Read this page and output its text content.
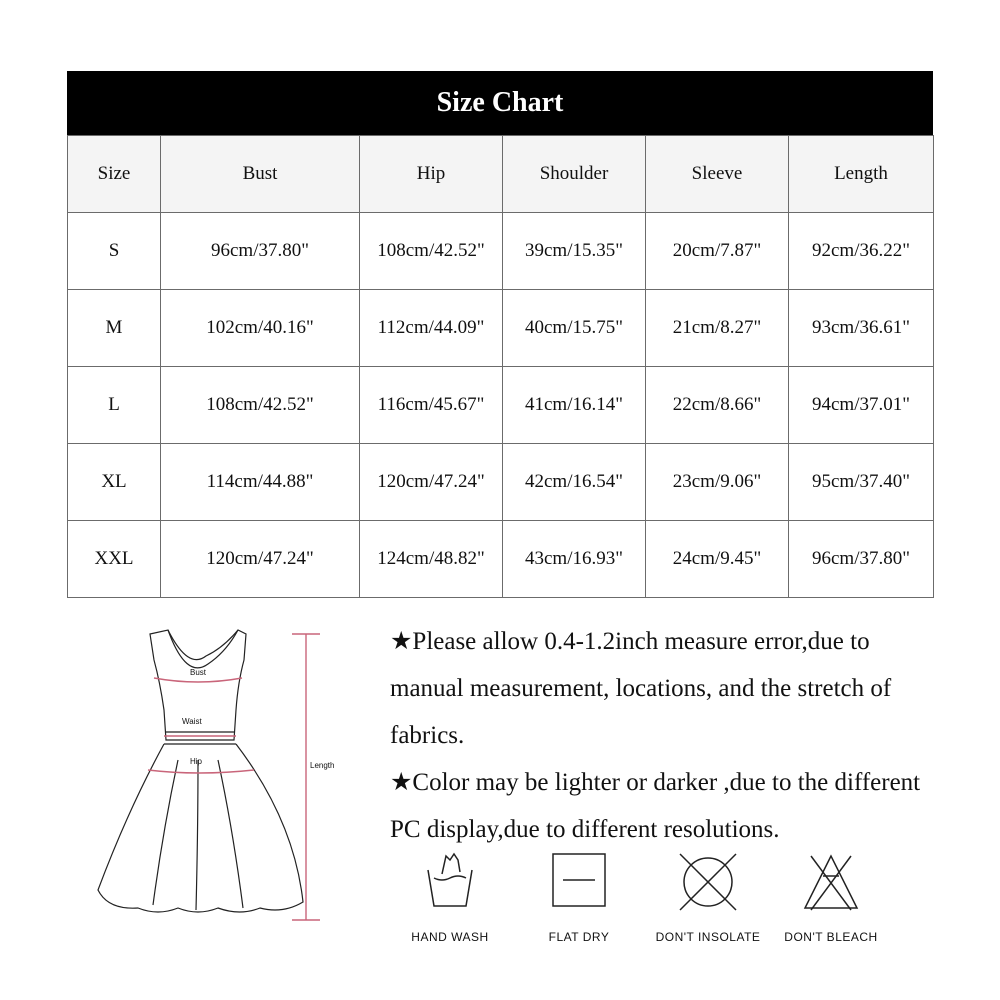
Size Chart
Size	Bust	Hip	Shoulder	Sleeve	Length
S	96cm/37.80"	108cm/42.52"	39cm/15.35"	20cm/7.87"	92cm/36.22"
M	102cm/40.16"	112cm/44.09"	40cm/15.75"	21cm/8.27"	93cm/36.61"
L	108cm/42.52"	116cm/45.67"	41cm/16.14"	22cm/8.66"	94cm/37.01"
XL	114cm/44.88"	120cm/47.24"	42cm/16.54"	23cm/9.06"	95cm/37.40"
XXL	120cm/47.24"	124cm/48.82"	43cm/16.93"	24cm/9.45"	96cm/37.80"
Bust
Waist
Hip	Length

★Please allow 0.4-1.2inch measure error,due to manual measurement, locations, and the stretch of fabrics.

★Color may be lighter or darker ,due to the different PC display,due to different resolutions.

HAND WASH	FLAT DRY	DON'T INSOLATE	DON'T BLEACH
